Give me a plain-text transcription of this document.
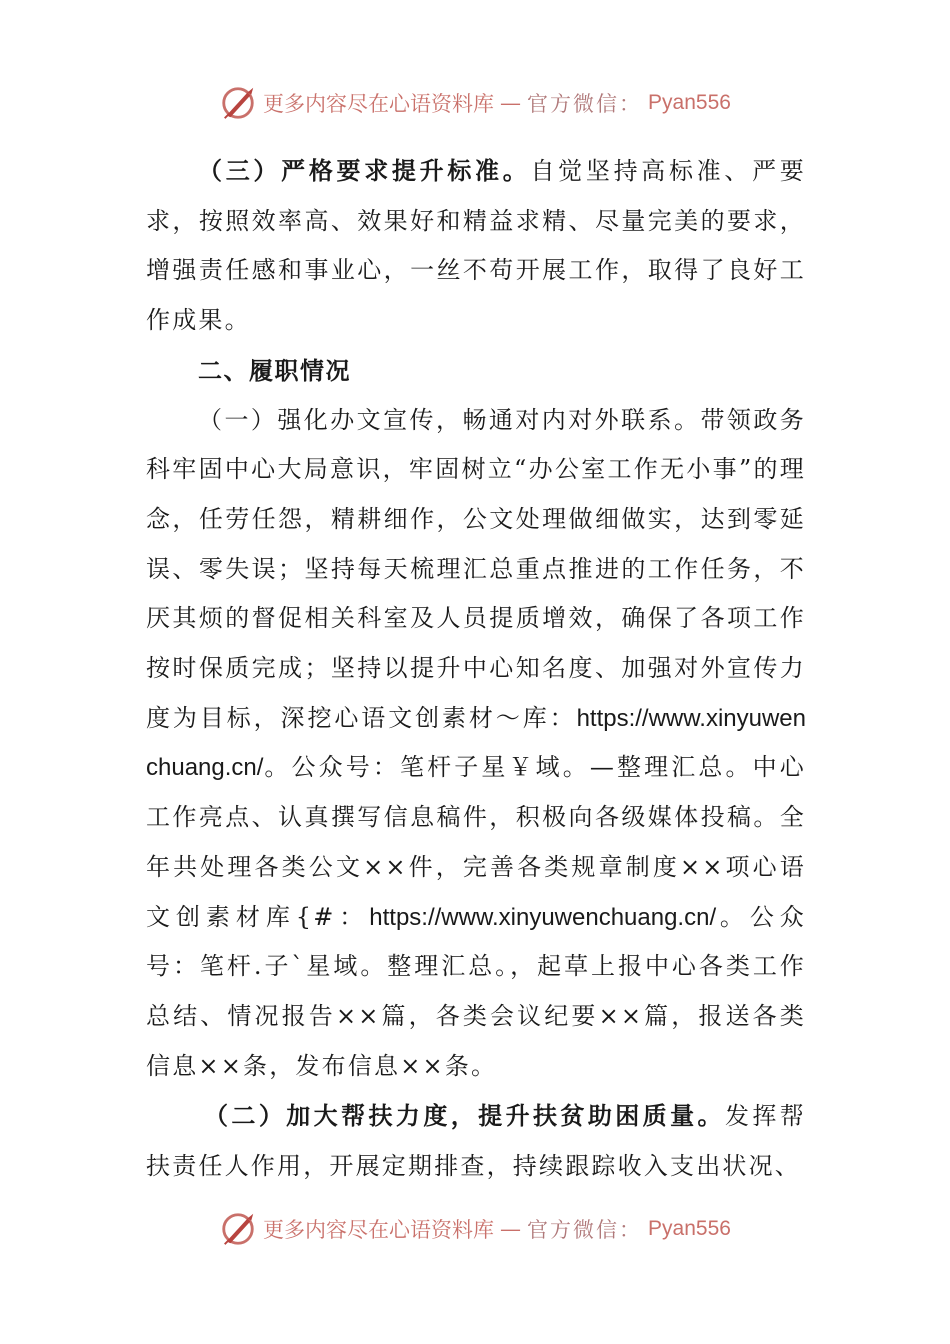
更多内容尽在心语资料库 — 官方微信： Pyan556

（三）严格要求提升标准。自觉坚持高标准、严要求，按照效率高、效果好和精益求精、尽量完美的要求，增强责任感和事业心，一丝不苟开展工作，取得了良好工作成果。

二、履职情况

（一）强化办文宣传，畅通对内对外联系。带领政务科牢固中心大局意识，牢固树立“办公室工作无小事”的理念，任劳任怨，精耕细作，公文处理做细做实，达到零延误、零失误；坚持每天梳理汇总重点推进的工作任务，不厌其烦的督促相关科室及人员提质增效，确保了各项工作按时保质完成；坚持以提升中心知名度、加强对外宣传力度为目标，深挖心语文创素材～库：https://www.xinyuwenchuang.cn/。公众号：笔杆子星￥域。—整理汇总。中心工作亮点、认真撰写信息稿件，积极向各级媒体投稿。全年共处理各类公文××件，完善各类规章制度××项心语文创素材库{#：https://www.xinyuwenchuang.cn/。公众号：笔杆.子`星域。整理汇总。，起草上报中心各类工作总结、情况报告××篇，各类会议纪要××篇，报送各类信息××条，发布信息××条。

（二）加大帮扶力度，提升扶贫助困质量。发挥帮扶责任人作用，开展定期排查，持续跟踪收入支出状况、

更多内容尽在心语资料库 — 官方微信： Pyan556
